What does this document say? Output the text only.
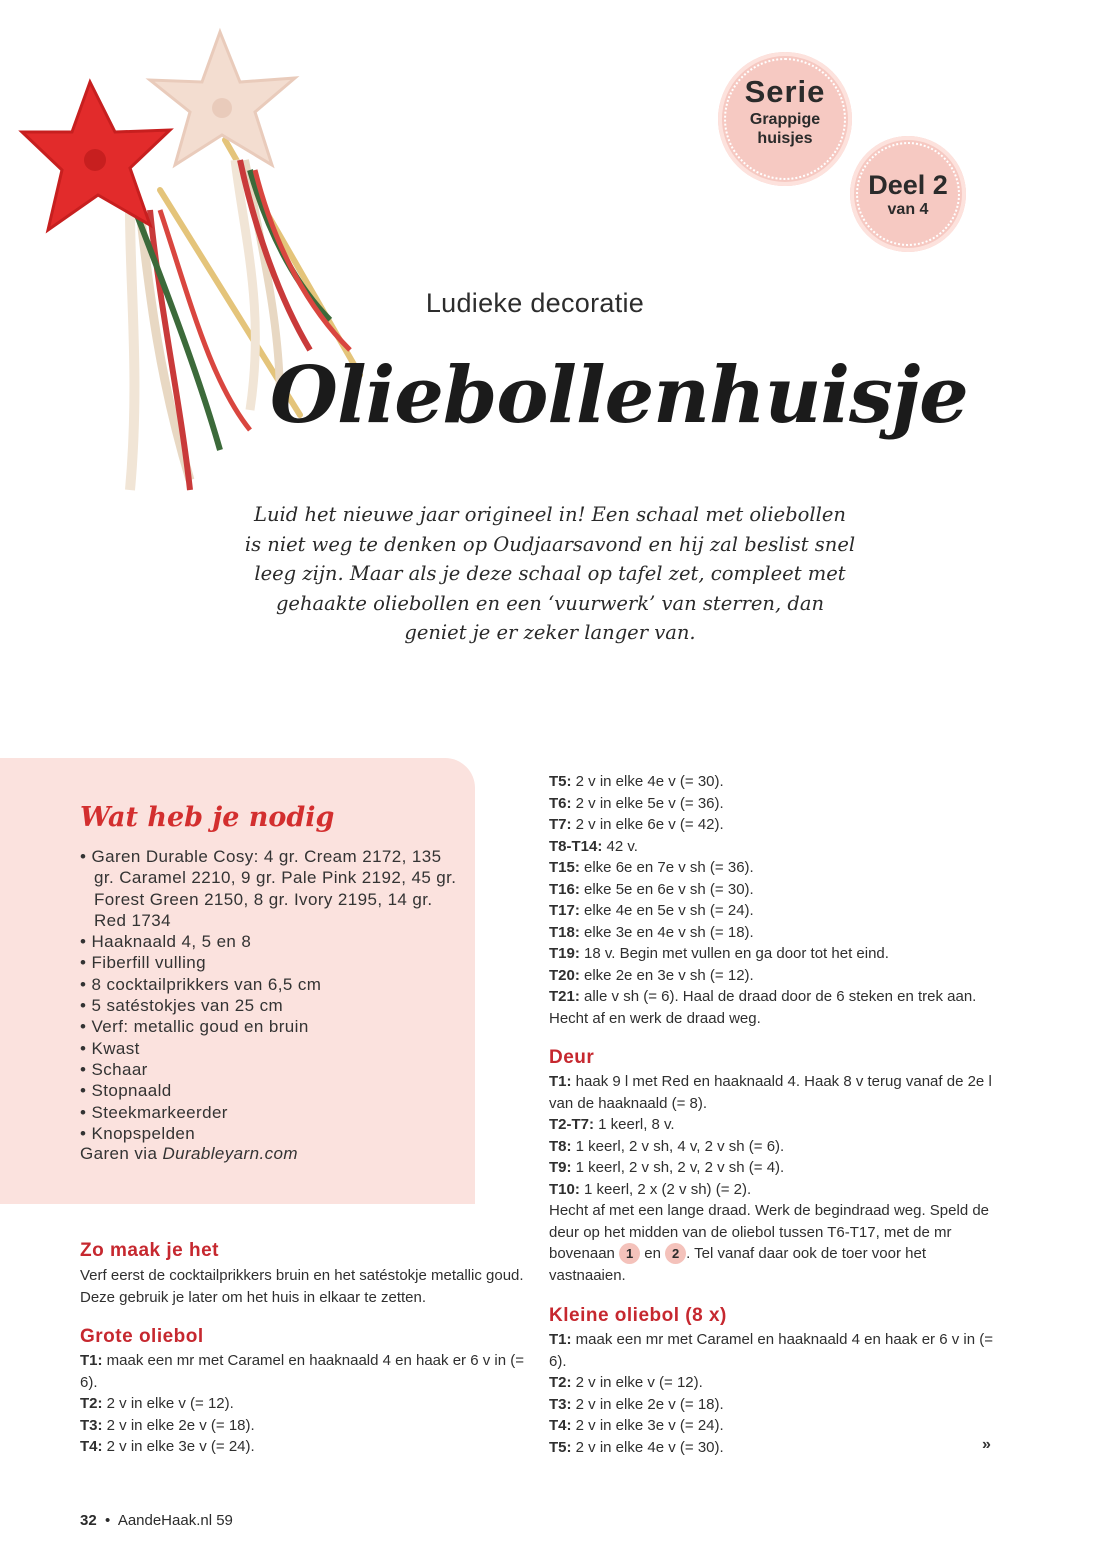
Serie
Grappige
huisjes
Deel 2
van 4
Ludieke decoratie
Oliebollenhuisje

Luid het nieuwe jaar origineel in! Een schaal met oliebollen
is niet weg te denken op Oudjaarsavond en hij zal beslist snel
leeg zijn. Maar als je deze schaal op tafel zet, compleet met
gehaakte oliebollen en een ‘vuurwerk’ van sterren, dan
geniet je er zeker langer van.

Wat heb je nodig
• Garen Durable Cosy: 4 gr. Cream 2172, 135 gr. Caramel 2210, 9 gr. Pale Pink 2192, 45 gr. Forest Green 2150, 8 gr. Ivory 2195, 14 gr. Red 1734
• Haaknaald 4, 5 en 8
• Fiberfill vulling
• 8 cocktailprikkers van 6,5 cm
• 5 satéstokjes van 25 cm
• Verf: metallic goud en bruin
• Kwast
• Schaar
• Stopnaald
• Steekmarkeerder
• Knopspelden
Garen via Durableyarn.com
Zo maak je het

Verf eerst de cocktailprikkers bruin en het satéstokje metallic goud. Deze gebruik je later om het huis in elkaar te zetten.

Grote oliebol
T1: maak een mr met Caramel en haaknaald 4 en haak er 6 v in (= 6).
T2: 2 v in elke v (= 12).
T3: 2 v in elke 2e v (= 18).
T4: 2 v in elke 3e v (= 24).
T5: 2 v in elke 4e v (= 30).
T6: 2 v in elke 5e v (= 36).
T7: 2 v in elke 6e v (= 42).
T8-T14: 42 v.
T15: elke 6e en 7e v sh (= 36).
T16: elke 5e en 6e v sh (= 30).
T17: elke 4e en 5e v sh (= 24).
T18: elke 3e en 4e v sh (= 18).
T19: 18 v. Begin met vullen en ga door tot het eind.
T20: elke 2e en 3e v sh (= 12).
T21: alle v sh (= 6). Haal de draad door de 6 steken en trek aan. Hecht af en werk de draad weg.
Deur
T1: haak 9 l met Red en haaknaald 4. Haak 8 v terug vanaf de 2e l van de haaknaald (= 8).
T2-T7: 1 keerl, 8 v.
T8: 1 keerl, 2 v sh, 4 v, 2 v sh (= 6).
T9: 1 keerl, 2 v sh, 2 v, 2 v sh (= 4).
T10: 1 keerl, 2 x (2 v sh) (= 2).
Hecht af met een lange draad. Werk de begindraad weg. Speld de deur op het midden van de oliebol tussen T6-T17, met de mr bovenaan 1 en 2 . Tel vanaf daar ook de toer voor het vastnaaien.
Kleine oliebol (8 x)
T1: maak een mr met Caramel en haaknaald 4 en haak er 6 v in (= 6).
T2: 2 v in elke v (= 12).
T3: 2 v in elke 2e v (= 18).
T4: 2 v in elke 3e v (= 24).
T5: 2 v in elke 4e v (= 30).	»
32 • AandeHaak.nl 59
